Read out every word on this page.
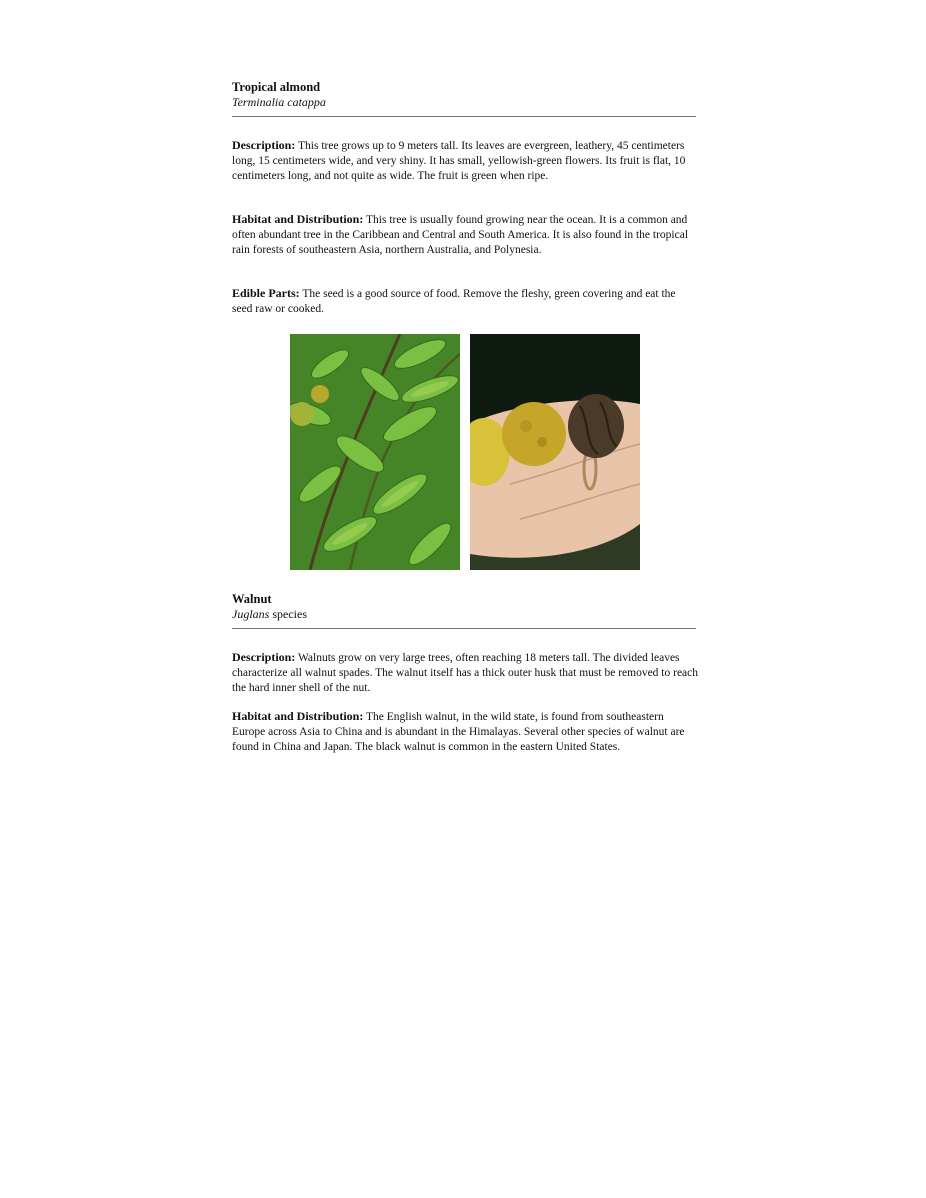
Tropical almond

Terminalia catappa

Description: This tree grows up to 9 meters tall. Its leaves are evergreen, leathery, 45 centimeters long, 15 centimeters wide, and very shiny. It has small, yellowish-green flowers. Its fruit is flat, 10 centimeters long, and not quite as wide. The fruit is green when ripe.

Habitat and Distribution: This tree is usually found growing near the ocean. It is a common and often abundant tree in the Caribbean and Central and South America. It is also found in the tropical rain forests of southeastern Asia, northern Australia, and Polynesia.

Edible Parts: The seed is a good source of food. Remove the fleshy, green covering and eat the seed raw or cooked.

Walnut

Juglans species

Description: Walnuts grow on very large trees, often reaching 18 meters tall. The divided leaves characterize all walnut spades. The walnut itself has a thick outer husk that must be removed to reach the hard inner shell of the nut.

Habitat and Distribution: The English walnut, in the wild state, is found from southeastern Europe across Asia to China and is abundant in the Himalayas. Several other species of walnut are found in China and Japan. The black walnut is common in the eastern United States.
